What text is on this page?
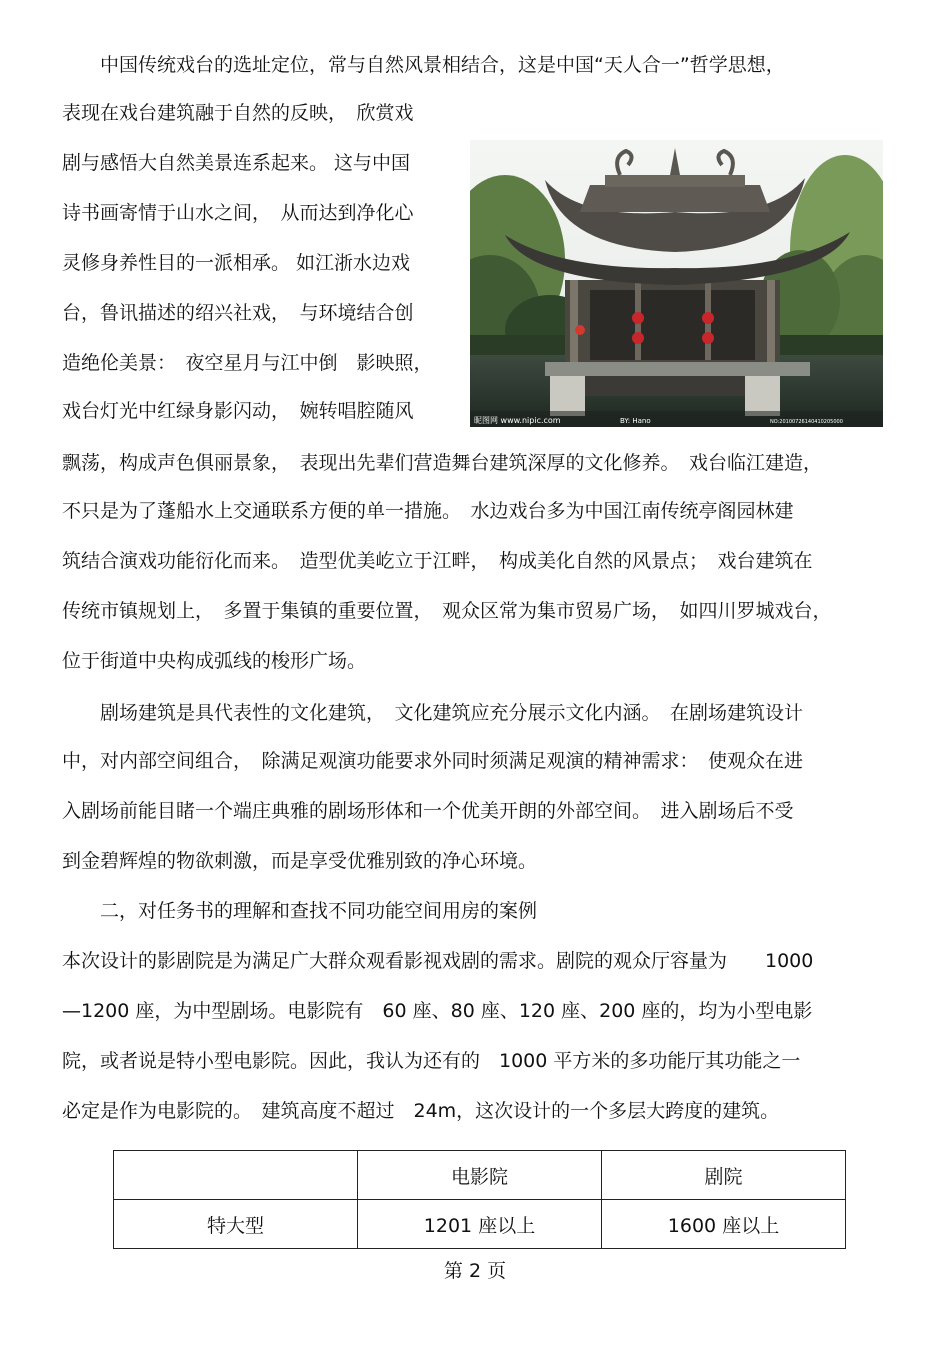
　　中国传统戏台的选址定位，常与自然风景相结合，这是中国“天人合一”哲学思想，
表现在戏台建筑融于自然的反映，　欣赏戏
剧与感悟大自然美景连系起来。 这与中国
诗书画寄情于山水之间，　从而达到净化心
灵修身养性目的一派相承。 如江浙水边戏
台，鲁讯描述的绍兴社戏，　与环境结合创
造绝伦美景：　夜空星月与江中倒　影映照，
戏台灯光中红绿身影闪动，　婉转唱腔随风
飘荡，构成声色俱丽景象，　表现出先辈们营造舞台建筑深厚的文化修养。　戏台临江建造，
不只是为了蓬船水上交通联系方便的单一措施。　水边戏台多为中国江南传统亭阁园林建
筑结合演戏功能衍化而来。　造型优美屹立于江畔，　构成美化自然的风景点；　戏台建筑在
传统市镇规划上，　多置于集镇的重要位置，　观众区常为集市贸易广场，　如四川罗城戏台，
位于街道中央构成弧线的梭形广场。
　　剧场建筑是具代表性的文化建筑，　文化建筑应充分展示文化内涵。　在剧场建筑设计
中，对内部空间组合，　除满足观演功能要求外同时须满足观演的精神需求：　使观众在进
入剧场前能目睹一个端庄典雅的剧场形体和一个优美开朗的外部空间。　进入剧场后不受
到金碧辉煌的物欲刺激，而是享受优雅别致的净心环境。
　　二，对任务书的理解和查找不同功能空间用房的案例
本次设计的影剧院是为满足广大群众观看影视戏剧的需求。剧院的观众厅容量为　　1000
—1200 座，为中型剧场。电影院有　60 座、80 座、120 座、200 座的，均为小型电影
院，或者说是特小型电影院。因此，我认为还有的　1000 平方米的多功能厅其功能之一
必定是作为电影院的。　建筑高度不超过　24m，这次设计的一个多层大跨度的建筑。
昵图网 www.nipic.com	BY: Hano	NO:20100726140410205000
	电影院	剧院
特大型	1201 座以上	1600 座以上
第 2 页
